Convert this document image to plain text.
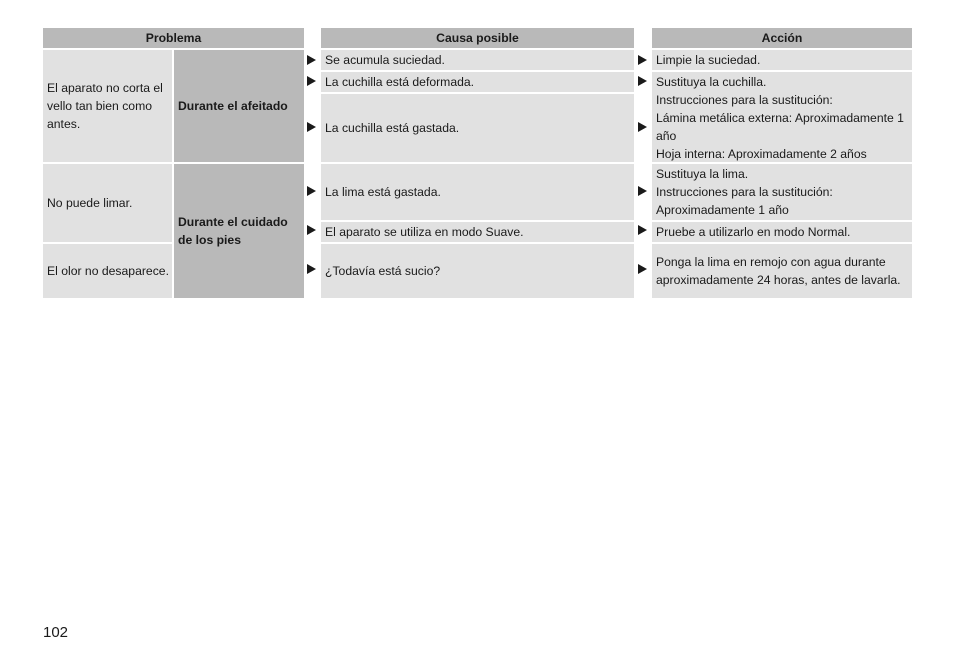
Problema	Causa posible	Acción
El aparato no corta el vello tan bien como antes.
No puede limar.
El olor no desaparece.
Durante el afeitado
Durante el cuidado de los pies
Se acumula suciedad.
La cuchilla está deformada.
La cuchilla está gastada.
La lima está gastada.
El aparato se utiliza en modo Suave.
¿Todavía está sucio?
Limpie la suciedad.
Sustituya la cuchilla.
Instrucciones para la sustitución:
Lámina metálica externa: Aproximadamente 1 año
Hoja interna: Aproximadamente 2 años
Sustituya la lima.
Instrucciones para la sustitución:
Aproximadamente 1 año
Pruebe a utilizarlo en modo Normal.
Ponga la lima en remojo con agua durante aproximadamente 24 horas, antes de lavarla.
102
